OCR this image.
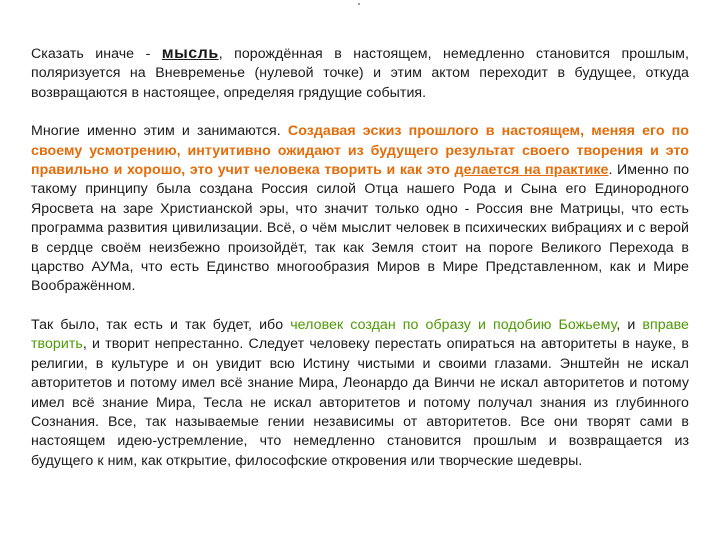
Сказать иначе - мысль, порождённая в настоящем, немедленно становится прошлым, поляризуется на Вневременье (нулевой точке) и этим актом переходит в будущее, откуда возвращаются в настоящее, определяя грядущие события.

Многие именно этим и занимаются. Создавая эскиз прошлого в настоящем, меняя его по своему усмотрению, интуитивно ожидают из будущего результат своего творения и это правильно и хорошо, это учит человека творить и как это делается на практике. Именно по такому принципу была создана Россия силой Отца нашего Рода и Сына его Единородного Яросвета на заре Христианской эры, что значит только одно - Россия вне Матрицы, что есть программа развития цивилизации. Всё, о чём мыслит человек в психических вибрациях и с верой в сердце своём неизбежно произойдёт, так как Земля стоит на пороге Великого Перехода в царство АУМа, что есть Единство многообразия Миров в Мире Представленном, как и Мире Воображённом.

Так было, так есть и так будет, ибо человек создан по образу и подобию Божьему, и вправе творить, и творит непрестанно. Следует человеку перестать опираться на авторитеты в науке, в религии, в культуре и он увидит всю Истину чистыми и своими глазами. Энштейн не искал авторитетов и потому имел всё знание Мира, Леонардо да Винчи не искал авторитетов и потому имел всё знание Мира, Тесла не искал авторитетов и потому получал знания из глубинного Сознания. Все, так называемые гении независимы от авторитетов. Все они творят сами в настоящем идею-устремление, что немедленно становится прошлым и возвращается из будущего к ним, как открытие, философские откровения или творческие шедевры.
